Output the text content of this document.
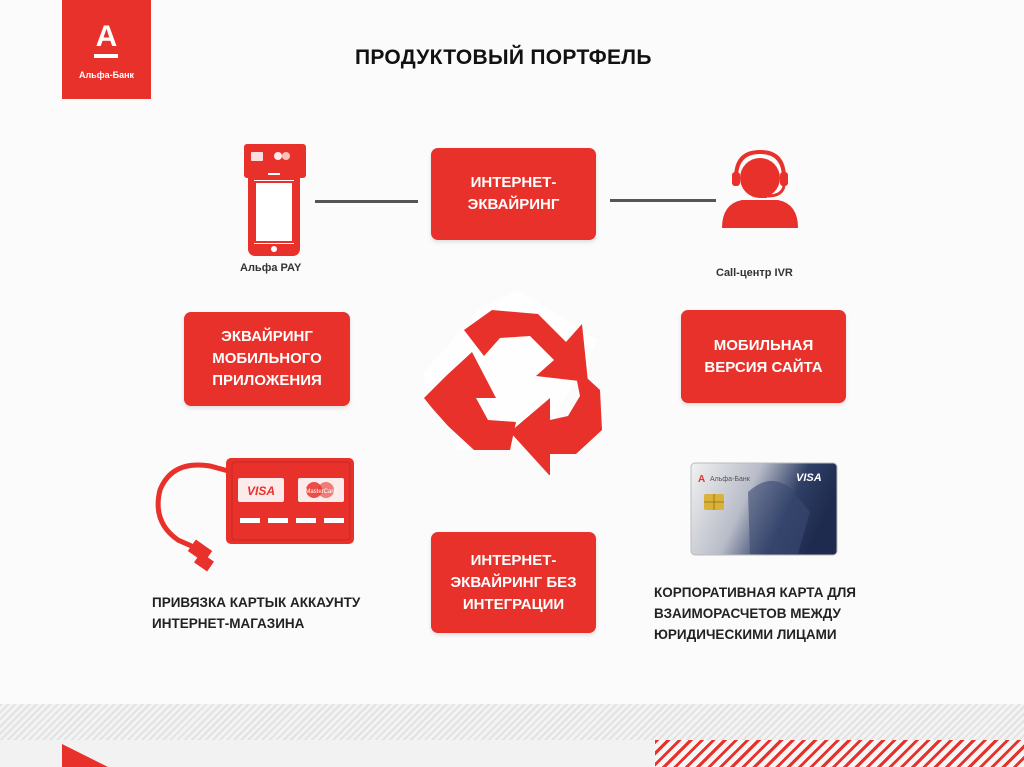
А
Альфа-Банк
ПРОДУКТОВЫЙ ПОРТФЕЛЬ
Альфа PAY
ИНТЕРНЕТ-
ЭКВАЙРИНГ
Call-центр IVR
ЭКВАЙРИНГ
МОБИЛЬНОГО
ПРИЛОЖЕНИЯ
МОБИЛЬНАЯ
ВЕРСИЯ САЙТА
VISA	MasterCard
ПРИВЯЗКА КАРТЫК АККАУНТУ
ИНТЕРНЕТ-МАГАЗИНА
ИНТЕРНЕТ-
ЭКВАЙРИНГ БЕЗ
ИНТЕГРАЦИИ
А Альфа-Банк	VISA
КОРПОРАТИВНАЯ КАРТА ДЛЯ
ВЗАИМОРАСЧЕТОВ МЕЖДУ
ЮРИДИЧЕСКИМИ ЛИЦАМИ
